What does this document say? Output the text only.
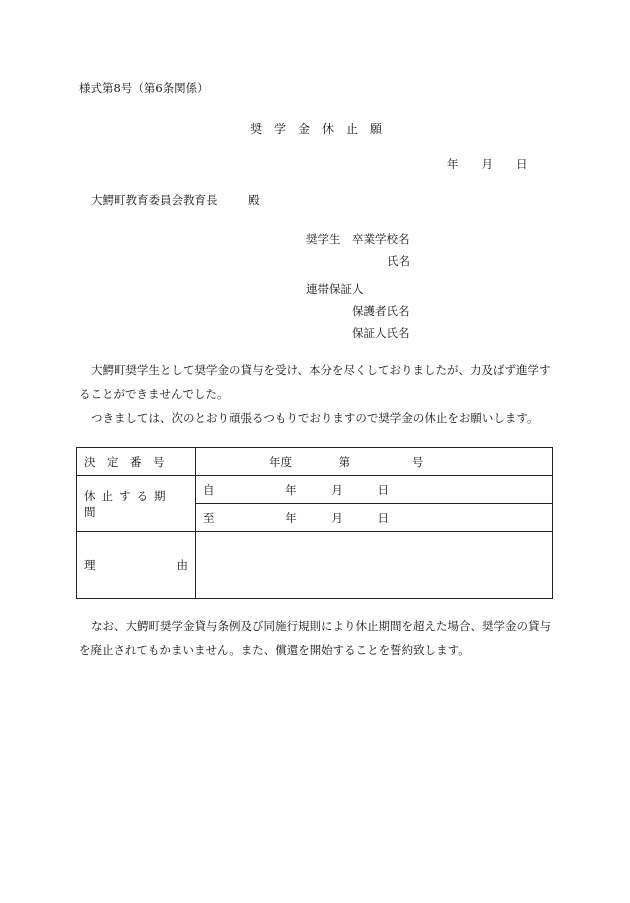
様式第8号（第6条関係）
奨　学　金　休　止　願
年　　月　　日
大鰐町教育委員会教育長	殿
奨学生　卒業学校名
氏名
連帯保証人
保護者氏名
保証人氏名
大鰐町奨学生として奨学金の貸与を受け、本分を尽くしておりましたが、力及ばず進学することができませんでした。
つきましては、次のとおり頑張るつもりでおりますので奨学金の休止をお願いします。
決　定　番　号	年度 第 号
休止する期間	自 年 月 日
	至 年 月 日

理 由	

なお、大鰐町奨学金貸与条例及び同施行規則により休止期間を超えた場合、奨学金の貸与を廃止されてもかまいません。また、償還を開始することを誓約致します。
